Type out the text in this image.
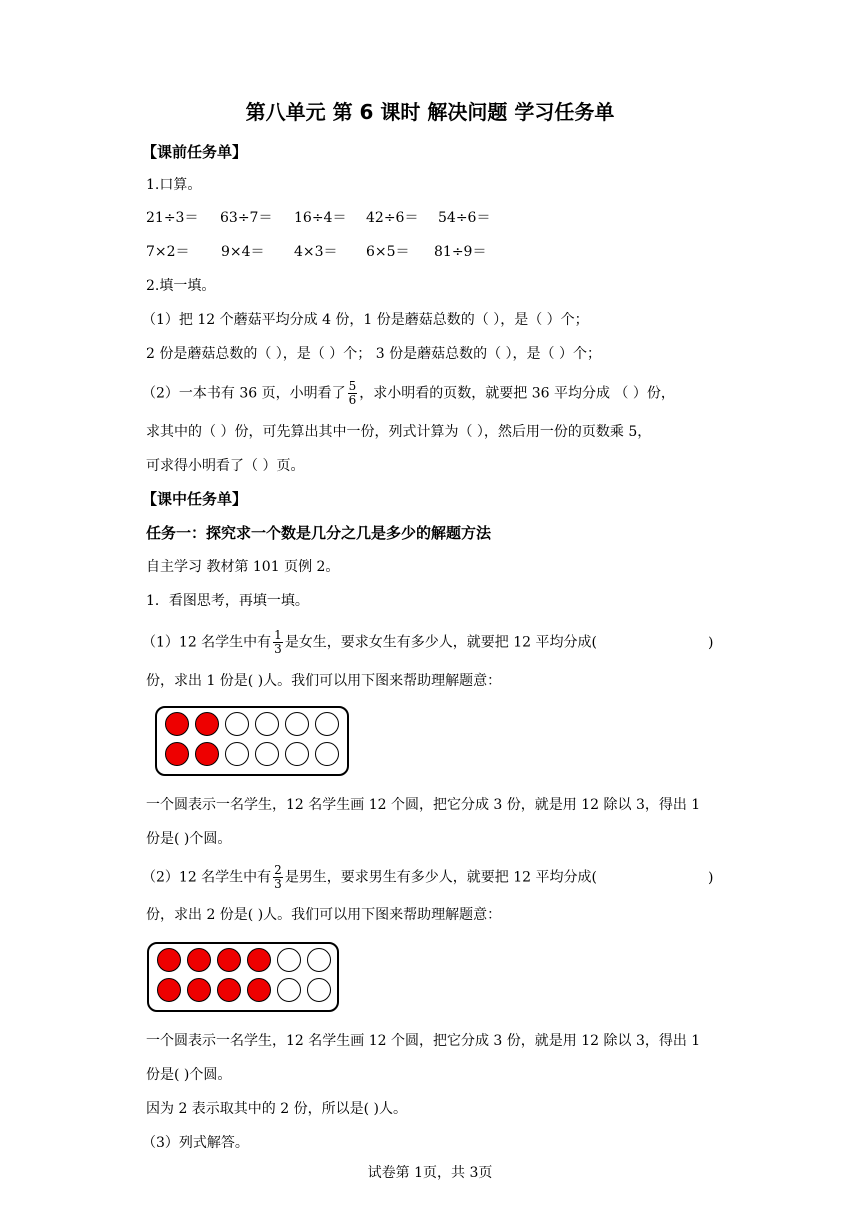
第八单元 第 6 课时 解决问题 学习任务单
【课前任务单】
1.口算。
21÷3＝ 63÷7＝ 16÷4＝ 42÷6＝ 54÷6＝
7×2＝ 9×4＝ 4×3＝ 6×5＝ 81÷9＝
2.填一填。
（1）把 12 个蘑菇平均分成 4 份，1 份是蘑菇总数的（ ），是（ ）个；
2 份是蘑菇总数的（ ），是（ ）个； 3 份是蘑菇总数的（ ），是（ ）个；
（2）一本书有 36 页，小明看了 $\frac{5}{6}$ ，求小明看的页数，就要把 36 平均分成 （ ）份，
求其中的（ ）份，可先算出其中一份，列式计算为（ ），然后用一份的页数乘 5，
可求得小明看了（ ）页。
【课中任务单】
任务一：探究求一个数是几分之几是多少的解题方法
自主学习 教材第 101 页例 2。
1．看图思考，再填一填。
（1）12 名学生中有 $\frac{1}{3}$ 是女生，要求女生有多少人，就要把 12 平均分成(	)
份，求出 1 份是( )人。我们可以用下图来帮助理解题意：
一个圆表示一名学生，12 名学生画 12 个圆，把它分成 3 份，就是用 12 除以 3，得出 1
份是( )个圆。
（2）12 名学生中有 $\frac{2}{3}$ 是男生，要求男生有多少人，就要把 12 平均分成(	)
份，求出 2 份是( )人。我们可以用下图来帮助理解题意：
一个圆表示一名学生，12 名学生画 12 个圆，把它分成 3 份，就是用 12 除以 3，得出 1
份是( )个圆。
因为 2 表示取其中的 2 份，所以是( )人。
（3）列式解答。
试卷第 1页，共 3页
